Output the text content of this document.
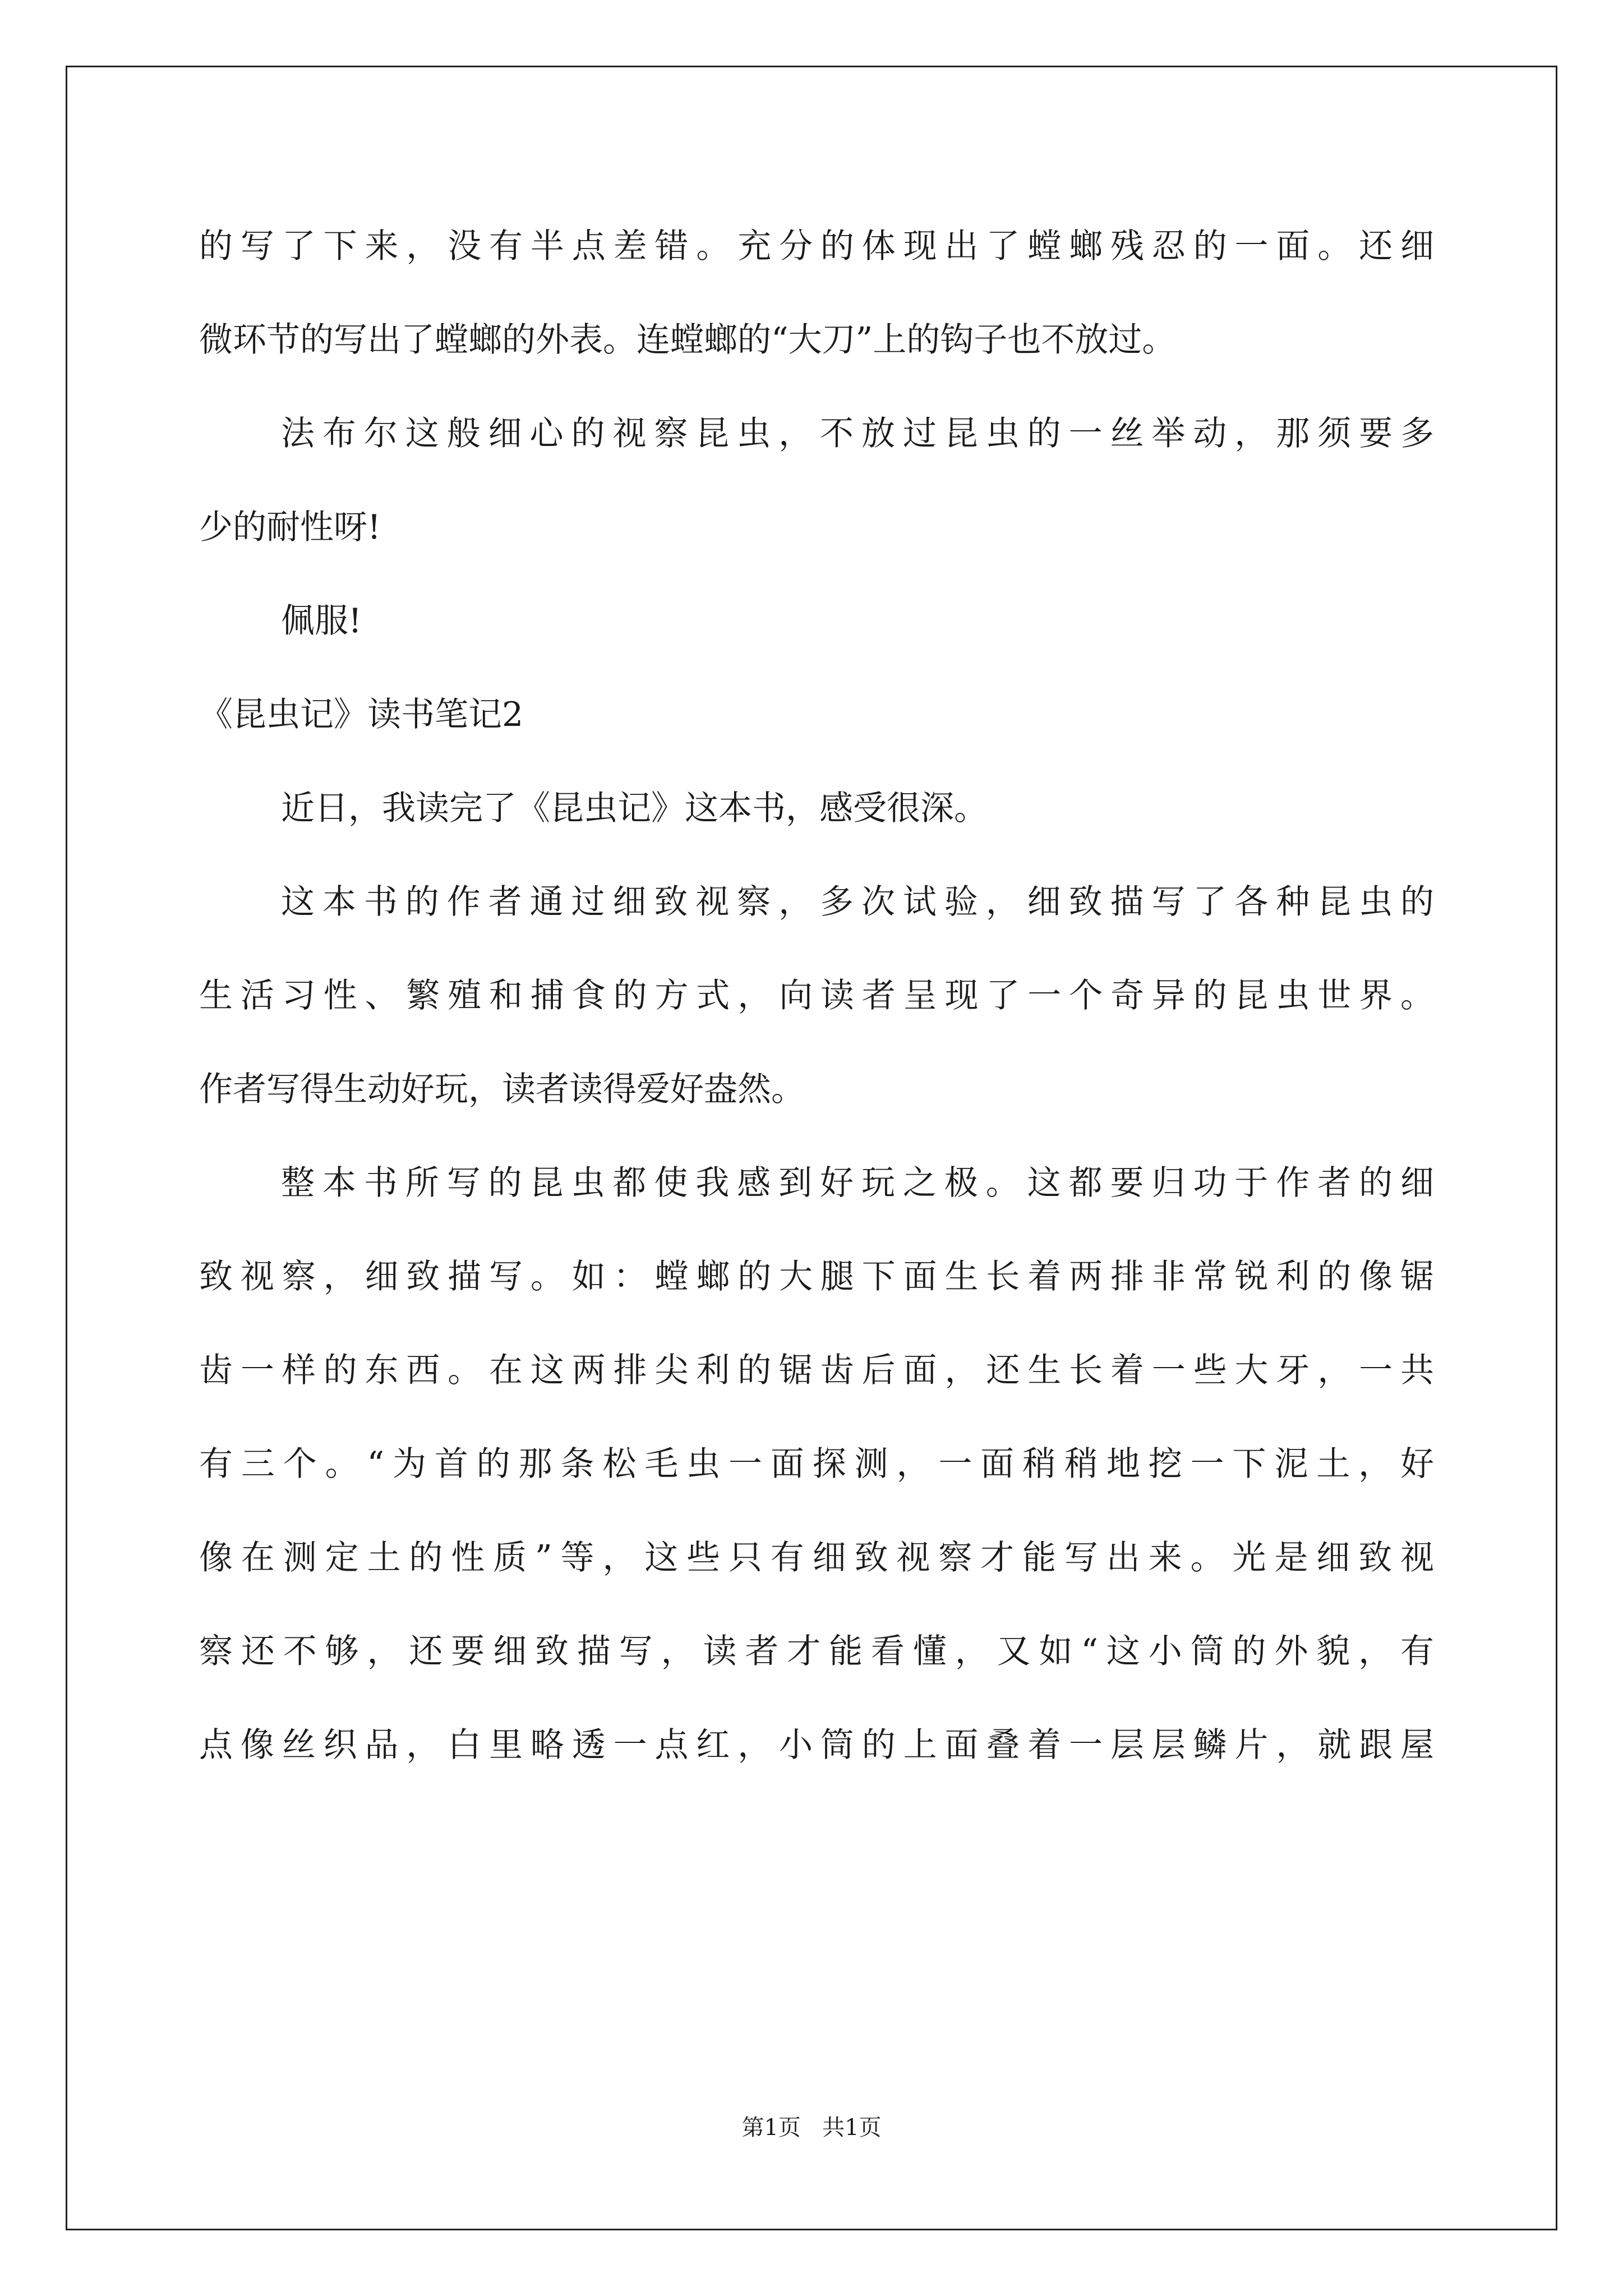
的写了下来，没有半点差错。充分的体现出了螳螂残忍的一面。还细
微环节的写出了螳螂的外表。连螳螂的“大刀”上的钩子也不放过。
法布尔这般细心的视察昆虫，不放过昆虫的一丝举动，那须要多
少的耐性呀!
佩服!
《昆虫记》读书笔记2
近日，我读完了《昆虫记》这本书，感受很深。
这本书的作者通过细致视察，多次试验，细致描写了各种昆虫的
生活习性、繁殖和捕食的方式，向读者呈现了一个奇异的昆虫世界。
作者写得生动好玩，读者读得爱好盎然。
整本书所写的昆虫都使我感到好玩之极。这都要归功于作者的细
致视察，细致描写。如：螳螂的大腿下面生长着两排非常锐利的像锯
齿一样的东西。在这两排尖利的锯齿后面，还生长着一些大牙，一共
有三个。“为首的那条松毛虫一面探测，一面稍稍地挖一下泥土，好
像在测定土的性质”等，这些只有细致视察才能写出来。光是细致视
察还不够，还要细致描写，读者才能看懂，又如“这小筒的外貌，有
点像丝织品，白里略透一点红，小筒的上面叠着一层层鳞片，就跟屋
第1页 共1页
